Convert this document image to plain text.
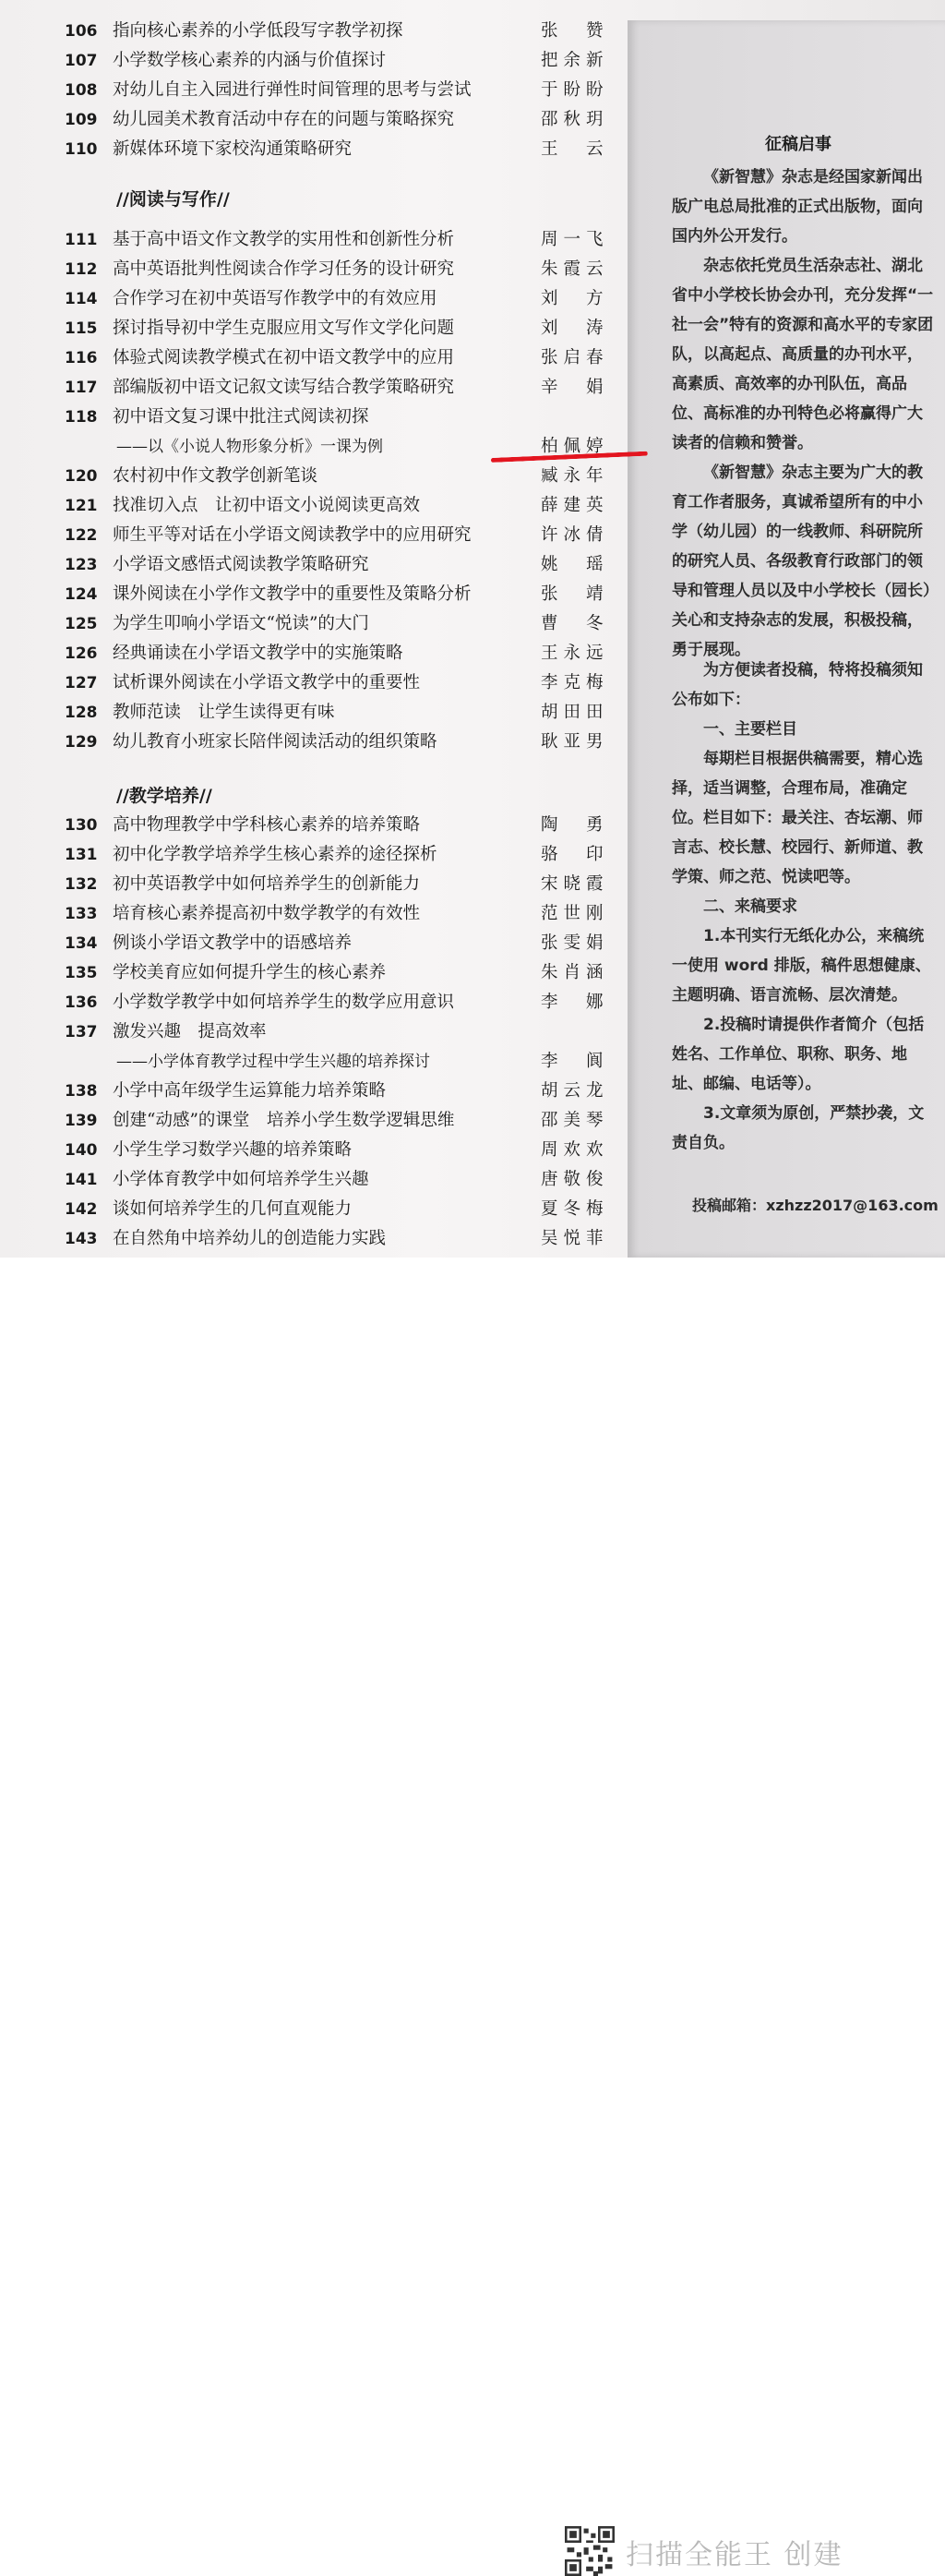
106 指向核心素养的小学低段写字教学初探	张赞
107 小学数学核心素养的内涵与价值探讨	把余新
108 对幼儿自主入园进行弹性时间管理的思考与尝试	于盼盼
109 幼儿园美术教育活动中存在的问题与策略探究	邵秋玥
110 新媒体环境下家校沟通策略研究	王云
111 基于高中语文作文教学的实用性和创新性分析	周一飞
112 高中英语批判性阅读合作学习任务的设计研究	朱霞云
114 合作学习在初中英语写作教学中的有效应用	刘方
115 探讨指导初中学生克服应用文写作文学化问题	刘涛
116 体验式阅读教学模式在初中语文教学中的应用	张启春
117 部编版初中语文记叙文读写结合教学策略研究	辛娟
118 初中语文复习课中批注式阅读初探
——以《小说人物形象分析》一课为例	柏佩婷
120 农村初中作文教学创新笔谈	臧永年
121 找准切入点　让初中语文小说阅读更高效	薛建英
122 师生平等对话在小学语文阅读教学中的应用研究	许冰倩
123 小学语文感悟式阅读教学策略研究	姚瑶
124 课外阅读在小学作文教学中的重要性及策略分析	张靖
125 为学生叩响小学语文“悦读”的大门	曹冬
126 经典诵读在小学语文教学中的实施策略	王永远
127 试析课外阅读在小学语文教学中的重要性	李克梅
128 教师范读　让学生读得更有味	胡田田
129 幼儿教育小班家长陪伴阅读活动的组织策略	耿亚男
130 高中物理教学中学科核心素养的培养策略	陶勇
131 初中化学教学培养学生核心素养的途径探析	骆印
132 初中英语教学中如何培养学生的创新能力	宋晓霞
133 培育核心素养提高初中数学教学的有效性	范世刚
134 例谈小学语文教学中的语感培养	张雯娟
135 学校美育应如何提升学生的核心素养	朱肖涵
136 小学数学教学中如何培养学生的数学应用意识	李娜
137 激发兴趣　提高效率
——小学体育教学过程中学生兴趣的培养探讨	李阆
138 小学中高年级学生运算能力培养策略	胡云龙
139 创建“动感”的课堂　培养小学生数学逻辑思维	邵美琴
140 小学生学习数学兴趣的培养策略	周欢欢
141 小学体育教学中如何培养学生兴趣	唐敬俊
142 谈如何培养学生的几何直观能力	夏冬梅
143 在自然角中培养幼儿的创造能力实践	吴悦菲
//阅读与写作//
//教学培养//
征稿启事
《新智慧》杂志是经国家新闻出版广电总局批准的正式出版物，面向国内外公开发行。
杂志依托党员生活杂志社、湖北省中小学校长协会办刊，充分发挥“一社一会”特有的资源和高水平的专家团队，以高起点、高质量的办刊水平，高素质、高效率的办刊队伍，高品位、高标准的办刊特色必将赢得广大读者的信赖和赞誉。
《新智慧》杂志主要为广大的教育工作者服务，真诚希望所有的中小学（幼儿园）的一线教师、科研院所的研究人员、各级教育行政部门的领导和管理人员以及中小学校长（园长）关心和支持杂志的发展，积极投稿，勇于展现。
为方便读者投稿，特将投稿须知公布如下：
一、主要栏目
每期栏目根据供稿需要，精心选择，适当调整，合理布局，准确定位。栏目如下：最关注、杏坛潮、师言志、校长慧、校园行、新师道、教学策、师之范、悦读吧等。
二、来稿要求
1.本刊实行无纸化办公，来稿统一使用 word 排版，稿件思想健康、主题明确、语言流畅、层次清楚。
2.投稿时请提供作者简介（包括姓名、工作单位、职称、职务、地址、邮编、电话等）。
3.文章须为原创，严禁抄袭，文责自负。
投稿邮箱：xzhzz2017@163.com
扫描全能王 创建
